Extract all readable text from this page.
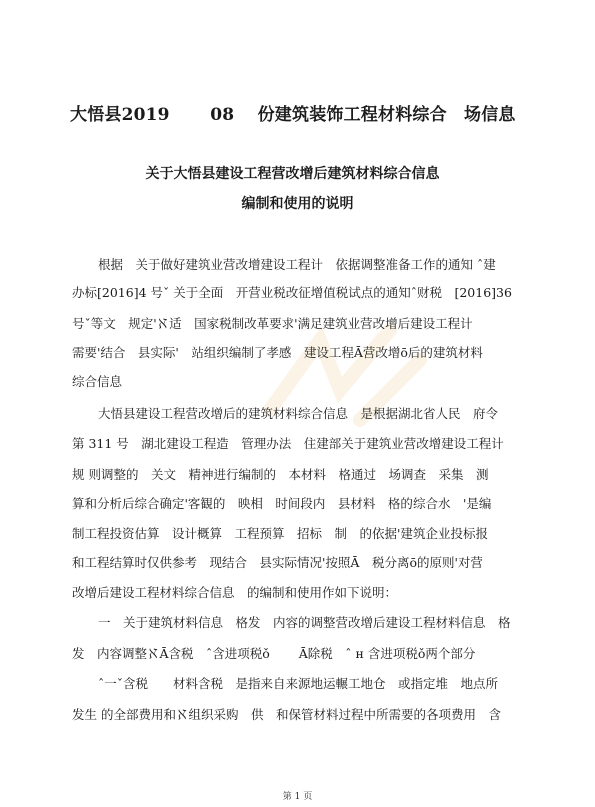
大悟县2019　　 08　 份建筑装饰工程材料综合　场信息
关于大悟县建设工程营改增后建筑材料综合信息
编制和使用的说明
根据　关于做好建筑业营改增建设工程计　依据调整准备工作的通知 ˆ建
办标[2016]4 号ˇ 关于全面　开营业税改征增值税试点的通知ˆ财税　[2016]36
号ˇ等文　规定'ℵ适　国家税制改革要求'满足建筑业营改增后建设工程计
需要'结合　县实际'　站组织编制了孝感　建设工程Ā营改增ō后的建筑材料
综合信息
大悟县建设工程营改增后的建筑材料综合信息　是根据湖北省人民　府令
第 311 号　湖北建设工程造　管理办法　住建部关于建筑业营改增建设工程计
规 则调整的　关文　精神进行编制的　本材料　格通过　场调查　采集　测
算和分析后综合确定'客観的　映相　时间段内　县材料　格的综合水　'是编
制工程投资估算　设计概算　工程预算　招标　制　的依据'建筑企业投标报
和工程结算时仅供参考　现结合　县实际情况'按照Ā　税分离ō的原则'对营
改增后建设工程材料综合信息　的编制和使用作如下说明：
一　关于建筑材料信息　格发　内容的调整营改增后建设工程材料信息　格
发　内容调整ℵĀ含税　ˆ含进项税ǒ　　 Ā除税　ˆ н 含进项税ǒ两个部分
ˆ一ˇ含税　　材料含税　是指来自来源地运輾工地仓　或指定堆　地点所
发生 的全部费用和ℵ组织采购　供　和保管材料过程中所需要的各项费用　含
第 1 页
